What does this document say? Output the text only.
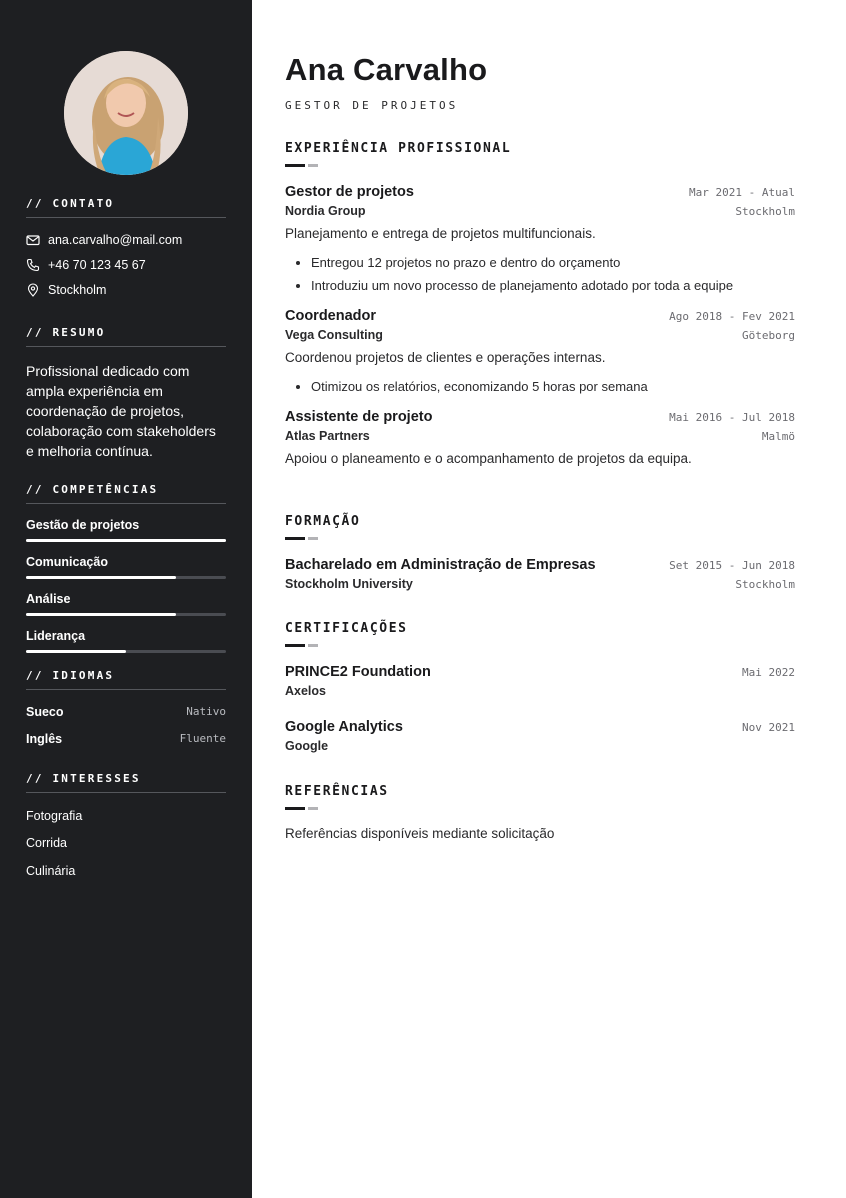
// CONTATO
ana.carvalho@mail.com
+46 70 123 45 67
Stockholm
// RESUMO
Profissional dedicado com ampla experiência em coordenação de projetos, colaboração com stakeholders e melhoria contínua.
// COMPETÊNCIAS
Gestão de projetos
Comunicação
Análise
Liderança
// IDIOMAS
Sueco	Nativo
Inglês	Fluente
// INTERESSES
Fotografia
Corrida
Culinária
Ana Carvalho
GESTOR DE PROJETOS
EXPERIÊNCIA PROFISSIONAL
Gestor de projetos	Mar 2021 - Atual
Nordia Group	Stockholm
Planejamento e entrega de projetos multifuncionais.
• Entregou 12 projetos no prazo e dentro do orçamento
• Introduziu um novo processo de planejamento adotado por toda a equipe
Coordenador	Ago 2018 - Fev 2021
Vega Consulting	Göteborg
Coordenou projetos de clientes e operações internas.
• Otimizou os relatórios, economizando 5 horas por semana
Assistente de projeto	Mai 2016 - Jul 2018
Atlas Partners	Malmö
Apoiou o planeamento e o acompanhamento de projetos da equipa.
FORMAÇÃO
Bacharelado em Administração de Empresas	Set 2015 - Jun 2018
Stockholm University	Stockholm
CERTIFICAÇÕES
PRINCE2 Foundation	Mai 2022
Axelos
Google Analytics	Nov 2021
Google
REFERÊNCIAS
Referências disponíveis mediante solicitação
